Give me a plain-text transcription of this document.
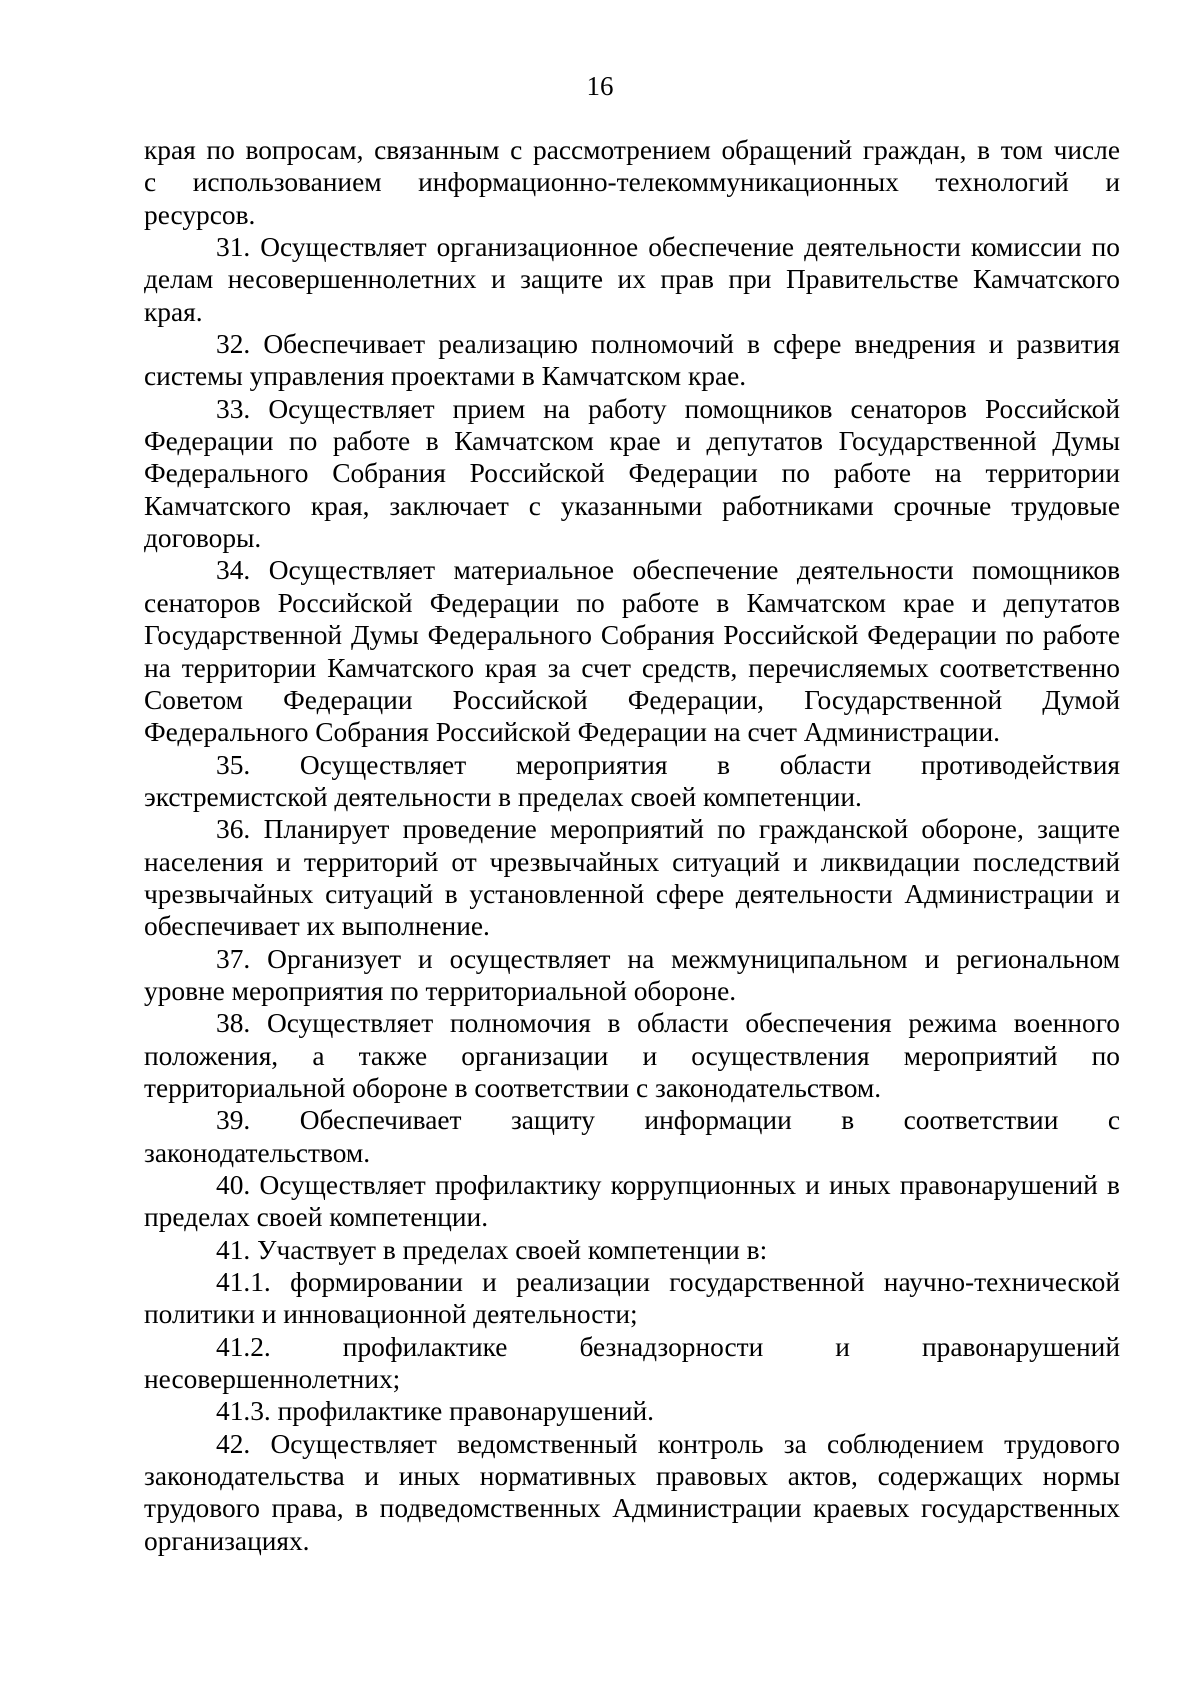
16

края по вопросам, связанным с рассмотрением обращений граждан, в том числе

с использованием информационно-телекоммуникационных технологий и

ресурсов.

31. Осуществляет организационное обеспечение деятельности комиссии по делам несовершеннолетних и защите их прав при Правительстве Камчатского края.

32. Обеспечивает реализацию полномочий в сфере внедрения и развития системы управления проектами в Камчатском крае.

33. Осуществляет прием на работу помощников сенаторов Российской Федерации по работе в Камчатском крае и депутатов Государственной Думы Федерального Собрания Российской Федерации по работе на территории Камчатского края, заключает с указанными работниками срочные трудовые договоры.

34. Осуществляет материальное обеспечение деятельности помощников сенаторов Российской Федерации по работе в Камчатском крае и депутатов Государственной Думы Федерального Собрания Российской Федерации по работе на территории Камчатского края за счет средств, перечисляемых соответственно Советом Федерации Российской Федерации, Государственной Думой Федерального Собрания Российской Федерации на счет Администрации.

35. Осуществляет мероприятия в области противодействия

экстремистской деятельности в пределах своей компетенции.

36. Планирует проведение мероприятий по гражданской обороне, защите населения и территорий от чрезвычайных ситуаций и ликвидации последствий чрезвычайных ситуаций в установленной сфере деятельности Администрации и обеспечивает их выполнение.

37. Организует и осуществляет на межмуниципальном и региональном уровне мероприятия по территориальной обороне.

38. Осуществляет полномочия в области обеспечения режима военного положения, а также организации и осуществления мероприятий по территориальной обороне в соответствии с законодательством.

39. Обеспечивает защиту информации в соответствии с

законодательством.

40. Осуществляет профилактику коррупционных и иных правонарушений в пределах своей компетенции.

41. Участвует в пределах своей компетенции в:

41.1. формировании и реализации государственной научно-технической политики и инновационной деятельности;

41.2. профилактике безнадзорности и правонарушений

несовершеннолетних;

41.3. профилактике правонарушений.

42. Осуществляет ведомственный контроль за соблюдением трудового законодательства и иных нормативных правовых актов, содержащих нормы трудового права, в подведомственных Администрации краевых государственных организациях.
